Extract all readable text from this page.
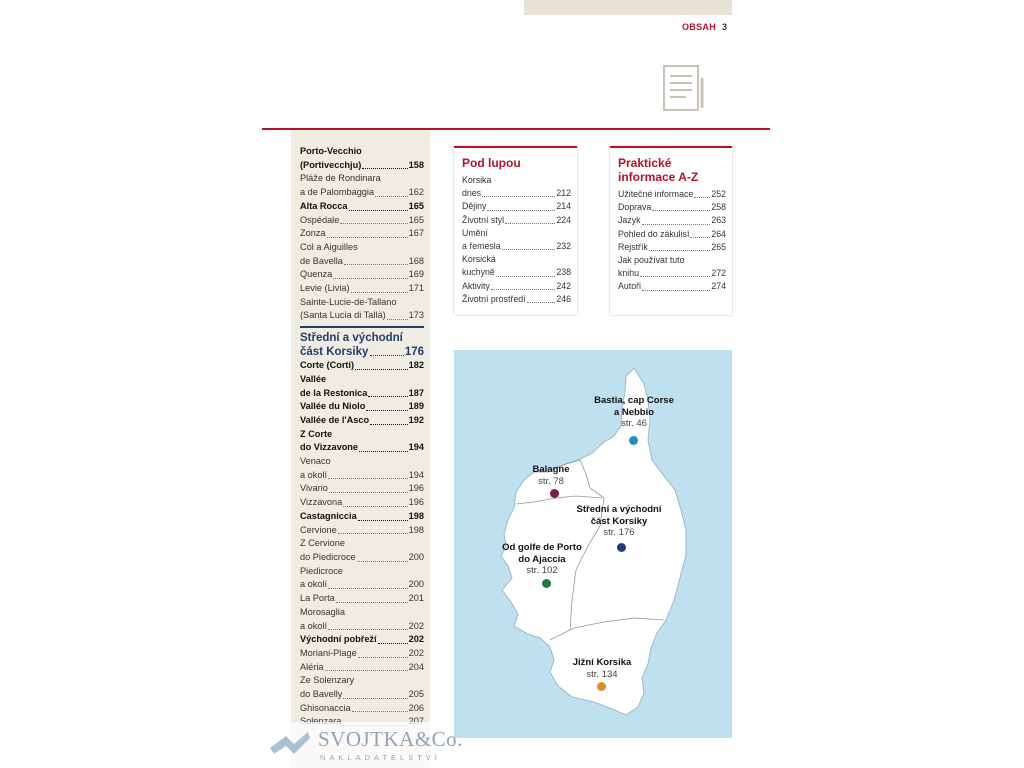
OBSAH 3
Porto-Vecchio
(Portivecchju)	158
Pláže de Rondinara
a de Palombaggia	162
Alta Rocca	165
Ospédale	165
Zonza	167
Col a Aiguilles
de Bavella	168
Quenza	169
Levie (Livia)	171
Sainte-Lucie-de-Tallano
(Santa Lucia di Tallà)	173
Střední a východní
část Korsiky	176
Corte (Corti)	182
Vallée
de la Restonica	187
Vallée du Niolo	189
Vallée de l'Asco	192
Z Corte
do Vizzavone	194
Venaco
a okolí	194
Vivario	196
Vizzavona	196
Castagniccia	198
Cervione	198
Z Cervione
do Piedicroce	200
Piedicroce
a okolí	200
La Porta	201
Morosaglia
a okolí	202
Východní pobřeží	202
Moriani-Plage	202
Aléria	204
Ze Solenzary
do Bavelly	205
Ghisonaccia	206
Pod lupou
Korsika
dnes	212
Dějiny	214
Životní styl	224
Umění
a řemesla	232
Korsická
kuchyně	238
Aktivity	242
Životní prostředí	246
Praktické
informace A-Z
Užitečné informace 252
Doprava	258
Jazyk	263
Pohled do zákulisí 264
Rejstřík	265
Jak používat tuto
knihu	272
Autoři	274
Bastia, cap Corse
a Nebbio
str. 46
Balagne
str. 78
Střední a východní
část Korsiky
str. 176
Od golfe de Porto
do Ajaccia
str. 102
Jižní Korsika
str. 134
SVOJTKA&Co.
NAKLADATELSTVÍ
